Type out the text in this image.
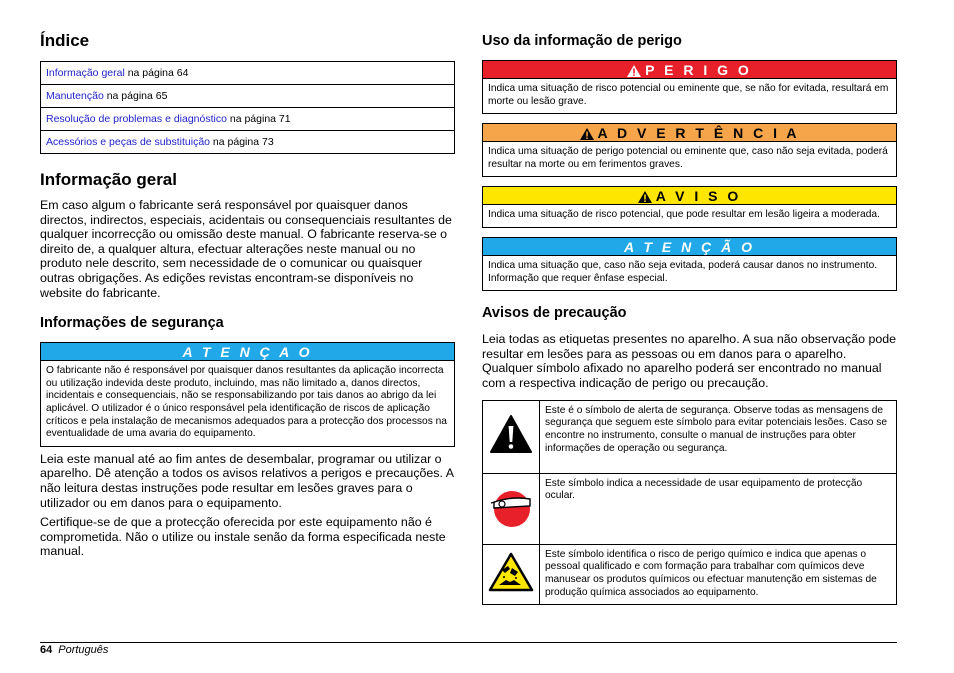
Índice
Informação geral na página 64
Manutenção na página 65
Resolução de problemas e diagnóstico na página 71
Acessórios e peças de substituição na página 73
Informação geral

Em caso algum o fabricante será responsável por quaisquer danos directos, indirectos, especiais, acidentais ou consequenciais resultantes de qualquer incorrecção ou omissão deste manual. O fabricante reserva-se o direito de, a qualquer altura, efectuar alterações neste manual ou no produto nele descrito, sem necessidade de o comunicar ou quaisquer outras obrigações. As edições revistas encontram-se disponíveis no website do fabricante.

Informações de segurança
A T E N Ç A O
O fabricante não é responsável por quaisquer danos resultantes da aplicação incorrecta ou utilização indevida deste produto, incluindo, mas não limitado a, danos directos, incidentais e consequenciais, não se responsabilizando por tais danos ao abrigo da lei aplicável. O utilizador é o único responsável pela identificação de riscos de aplicação críticos e pela instalação de mecanismos adequados para a protecção dos processos na eventualidade de uma avaria do equipamento.

Leia este manual até ao fim antes de desembalar, programar ou utilizar o aparelho. Dê atenção a todos os avisos relativos a perigos e precauções. A não leitura destas instruções pode resultar em lesões graves para o utilizador ou em danos para o equipamento.

Certifique-se de que a protecção oferecida por este equipamento não é comprometida. Não o utilize ou instale senão da forma especificada neste manual.

Uso da informação de perigo
P E R I G O
Indica uma situação de risco potencial ou eminente que, se não for evitada, resultará em morte ou lesão grave.
A D V E R T Ê N C I A
Indica uma situação de perigo potencial ou eminente que, caso não seja evitada, poderá resultar na morte ou em ferimentos graves.
A V I S O
Indica uma situação de risco potencial, que pode resultar em lesão ligeira a moderada.
A T E N Ç Ã O
Indica uma situação que, caso não seja evitada, poderá causar danos no instrumento. Informação que requer ênfase especial.
Avisos de precaução

Leia todas as etiquetas presentes no aparelho. A sua não observação pode resultar em lesões para as pessoas ou em danos para o aparelho. Qualquer símbolo afixado no aparelho poderá ser encontrado no manual com a respectiva indicação de perigo ou precaução.

	Este é o símbolo de alerta de segurança. Observe todas as mensagens de segurança que seguem este símbolo para evitar potenciais lesões. Caso se encontre no instrumento, consulte o manual de instruções para obter informações de operação ou segurança.
	Este símbolo indica a necessidade de usar equipamento de protecção ocular.
	Este símbolo identifica o risco de perigo químico e indica que apenas o pessoal qualificado e com formação para trabalhar com químicos deve manusear os produtos químicos ou efectuar manutenção em sistemas de produção química associados ao equipamento.
64 Português
